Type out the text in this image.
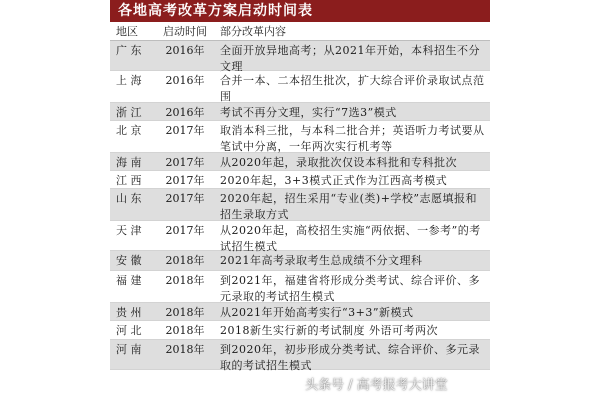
各地高考改革方案启动时间表
地区	启动时间	部分改革内容
广 东	2016年	全面开放异地高考；从2021年开始，本科招生不分文理
上 海	2016年	合并一本、二本招生批次，扩大综合评价录取试点范围
浙 江	2016年	考试不再分文理，实行“7选3”模式
北 京	2017年	取消本科三批，与本科二批合并；英语听力考试要从笔试中分离，一年两次实行机考等
海 南	2017年	从2020年起，录取批次仅设本科批和专科批次
江 西	2017年	2020年起，3+3模式正式作为江西高考模式
山 东	2017年	2020年起，招生采用“专业(类)+学校”志愿填报和招生录取方式
天 津	2017年	从2020年起，高校招生实施“两依据、一参考”的考试招生模式
安 徽	2018年	2021年高考录取考生总成绩不分文理科
福 建	2018年	到2021年，福建省将形成分类考试、综合评价、多元录取的考试招生模式
贵 州	2018年	从2021年开始高考实行“3+3”新模式
河 北	2018年	2018新生实行新的考试制度 外语可考两次
河 南	2018年	到2020年，初步形成分类考试、综合评价、多元录取的考试招生模式
头条号 / 高考报考大讲堂
